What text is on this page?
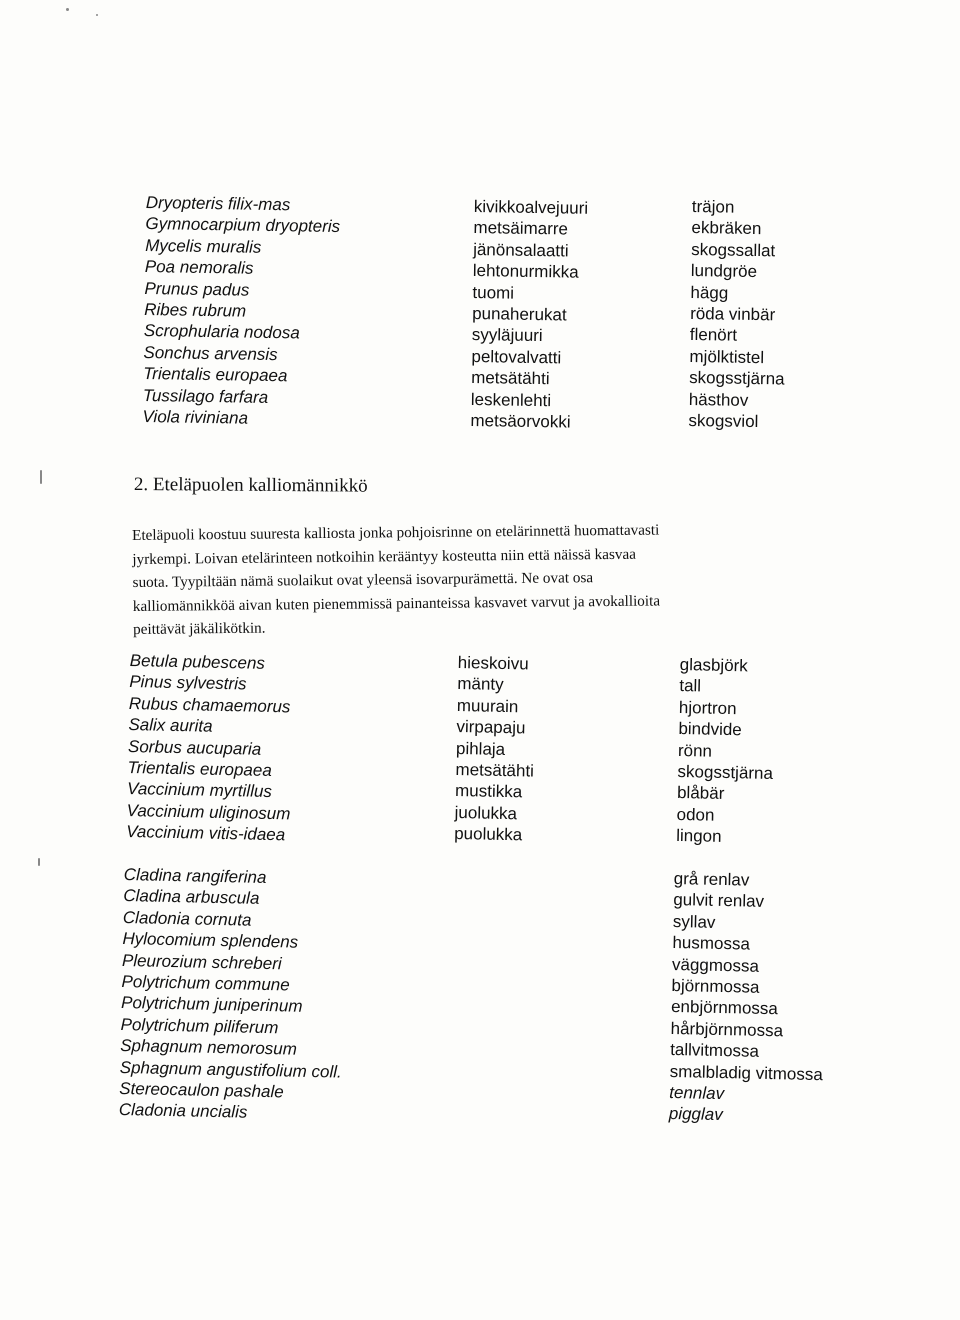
Dryopteris filix-mas
Gymnocarpium dryopteris
Mycelis muralis
Poa nemoralis
Prunus padus
Ribes rubrum
Scrophularia nodosa
Sonchus arvensis
Trientalis europaea
Tussilago farfara
Viola riviniana
kivikkoalvejuuri
metsäimarre
jänönsalaatti
lehtonurmikka
tuomi
punaherukat
syyläjuuri
peltovalvatti
metsätähti
leskenlehti
metsäorvokki
träjon
ekbräken
skogssallat
lundgröe
hägg
röda vinbär
flenört
mjölktistel
skogsstjärna
hästhov
skogsviol
2. Eteläpuolen kalliomännikkö
Eteläpuoli koostuu suuresta kalliosta jonka pohjoisrinne on etelärinnettä huomattavasti
jyrkempi. Loivan etelärinteen notkoihin kerääntyy kosteutta niin että näissä kasvaa
suota. Tyypiltään nämä suolaikut ovat yleensä isovarpurämettä. Ne ovat osa
kalliomännikköä aivan kuten pienemmissä painanteissa kasvavet varvut ja avokallioita
peittävät jäkälikötkin.
Betula pubescens
Pinus sylvestris
Rubus chamaemorus
Salix aurita
Sorbus aucuparia
Trientalis europaea
Vaccinium myrtillus
Vaccinium uliginosum
Vaccinium vitis-idaea
hieskoivu
mänty
muurain
virpapaju
pihlaja
metsätähti
mustikka
juolukka
puolukka
glasbjörk
tall
hjortron
bindvide
rönn
skogsstjärna
blåbär
odon
lingon
Cladina rangiferina
Cladina arbuscula
Cladonia cornuta
Hylocomium splendens
Pleurozium schreberi
Polytrichum commune
Polytrichum juniperinum
Polytrichum piliferum
Sphagnum nemorosum
Sphagnum angustifolium coll.
Stereocaulon pashale
Cladonia uncialis
grå renlav
gulvit renlav
syllav
husmossa
väggmossa
björnmossa
enbjörnmossa
hårbjörnmossa
tallvitmossa
smalbladig vitmossa
tennlav
pigglav
